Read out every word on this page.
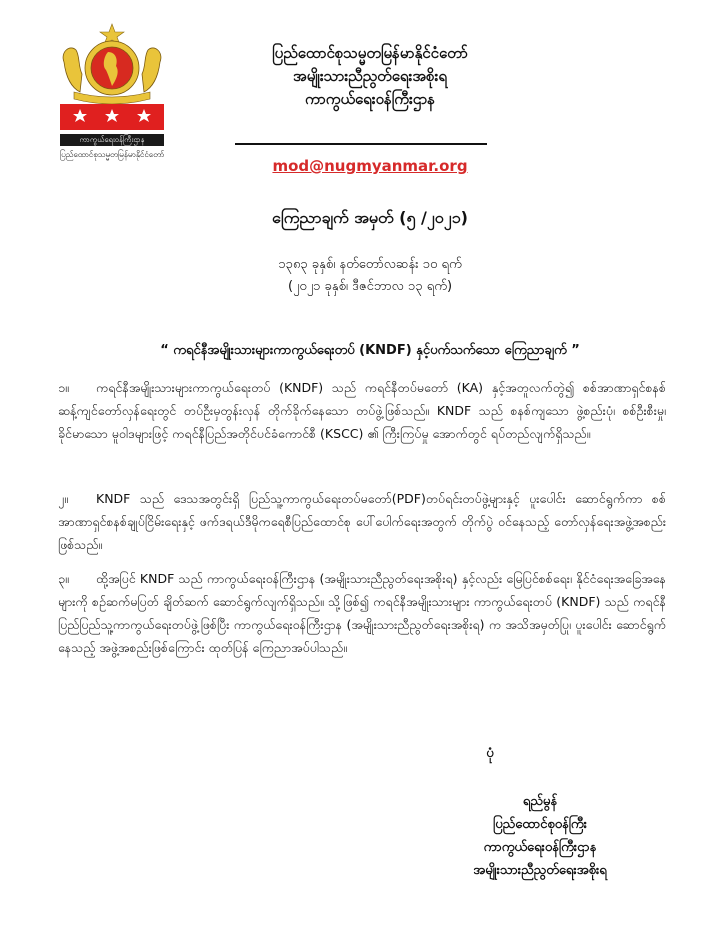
ကာကွယ်ရေးဝန်ကြီးဌာန
ပြည်ထောင်စုသမ္မတမြန်မာနိုင်ငံတော်
ပြည်ထောင်စုသမ္မတမြန်မာနိုင်ငံတော်
အမျိုးသားညီညွတ်ရေးအစိုးရ
ကာကွယ်ရေးဝန်ကြီးဌာန
mod@nugmyanmar.org
ကြေညာချက် အမှတ် (၅ /၂၀၂၁)
၁၃၈၃ ခုနှစ်၊ နတ်တော်လဆန်း ၁၀ ရက်
(၂၀၂၁ ခုနှစ်၊ ဒီဇင်ဘာလ ၁၃ ရက်)
“ ကရင်နီအမျိုးသားများကာကွယ်ရေးတပ် (KNDF) နှင့်ပက်သက်သော ကြေညာချက် ”
၁။ ကရင်နီအမျိုးသားများကာကွယ်ရေးတပ် (KNDF) သည် ကရင်နီတပ်မတော် (KA) နှင့်အတူလက်တွဲ၍ စစ်အာဏာရှင်စနစ် ဆန့်ကျင်တော်လှန်ရေးတွင် တပ်ဦးမှတွန်းလှန် တိုက်ခိုက်နေသော တပ်ဖွဲ့ဖြစ်သည်။ KNDF သည် စနစ်ကျသော ဖွဲ့စည်းပုံ၊ စစ်ဦးစီးမှု၊ ခိုင်မာသော မူဝါဒများဖြင့် ကရင်နီပြည်အတိုင်ပင်ခံကောင်စီ (KSCC) ၏ ကြီးကြပ်မှု အောက်တွင် ရပ်တည်လျက်ရှိသည်။
၂။ KNDF သည် ဒေသအတွင်းရှိ ပြည်သူ့ကာကွယ်ရေးတပ်မတော်(PDF)တပ်ရင်းတပ်ဖွဲ့များနှင့် ပူးပေါင်း ဆောင်ရွက်ကာ စစ်အာဏာရှင်စနစ်ချုပ်ငြိမ်းရေးနှင့် ဖက်ဒရယ်ဒီမိုကရေစီပြည်ထောင်စု ပေါ်ပေါက်ရေးအတွက် တိုက်ပွဲ ဝင်နေသည့် တော်လှန်ရေးအဖွဲ့အစည်းဖြစ်သည်။
၃။ ထို့အပြင် KNDF သည် ကာကွယ်ရေးဝန်ကြီးဌာန (အမျိုးသားညီညွတ်ရေးအစိုးရ) နှင့်လည်း မြေပြင်စစ်ရေး၊ နိုင်ငံရေးအခြေအနေများကို စဉ်ဆက်မပြတ် ချိတ်ဆက် ဆောင်ရွက်လျက်ရှိသည်။ သို့ဖြစ်၍ ကရင်နီအမျိုးသားများ ကာကွယ်ရေးတပ် (KNDF) သည် ကရင်နီပြည်ပြည်သူ့ကာကွယ်ရေးတပ်ဖွဲ့ဖြစ်ပြီး ကာကွယ်ရေးဝန်ကြီးဌာန (အမျိုးသားညီညွတ်ရေးအစိုးရ) က အသိအမှတ်ပြု၊ ပူးပေါင်း ဆောင်ရွက်နေသည့် အဖွဲ့အစည်းဖြစ်ကြောင်း ထုတ်ပြန် ကြေညာအပ်ပါသည်။
ပုံ
ရည်မွန်
ပြည်ထောင်စုဝန်ကြီး
ကာကွယ်ရေးဝန်ကြီးဌာန
အမျိုးသားညီညွတ်ရေးအစိုးရ
